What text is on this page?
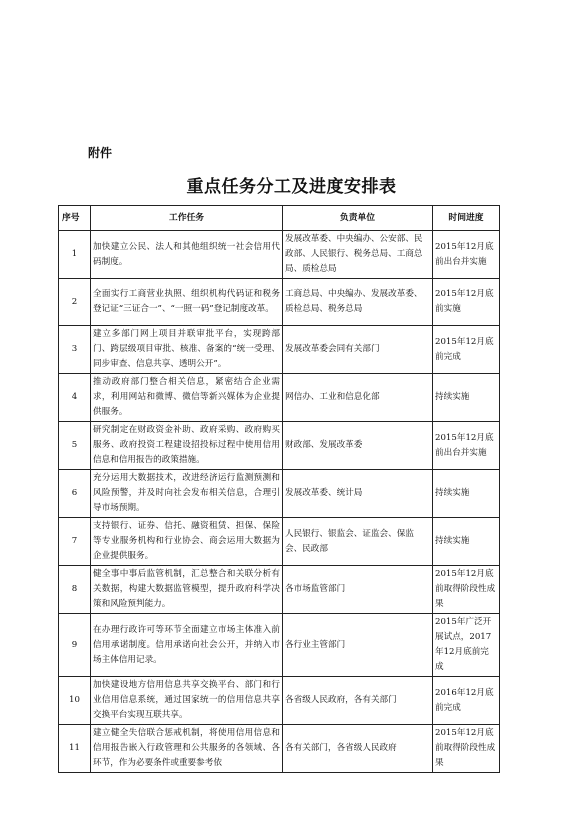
附件
重点任务分工及进度安排表
序号	工作任务	负责单位	时间进度
1	加快建立公民、法人和其他组织统一社会信用代码制度。	发展改革委、中央编办、公安部、民政部、人民银行、税务总局、工商总局、质检总局	2015年12月底前出台并实施
2	全面实行工商营业执照、组织机构代码证和税务登记证“三证合一”、“一照一码”登记制度改革。	工商总局、中央编办、发展改革委、质检总局、税务总局	2015年12月底前实施
3	建立多部门网上项目并联审批平台，实现跨部门、跨层级项目审批、核准、备案的“统一受理、同步审查、信息共享、透明公开”。	发展改革委会同有关部门	2015年12月底前完成
4	推动政府部门整合相关信息，紧密结合企业需求，利用网站和微博、微信等新兴媒体为企业提供服务。	网信办、工业和信息化部	持续实施
5	研究制定在财政资金补助、政府采购、政府购买服务、政府投资工程建设招投标过程中使用信用信息和信用报告的政策措施。	财政部、发展改革委	2015年12月底前出台并实施
6	充分运用大数据技术，改进经济运行监测预测和风险预警，并及时向社会发布相关信息，合理引导市场预期。	发展改革委、统计局	持续实施
7	支持银行、证券、信托、融资租赁、担保、保险等专业服务机构和行业协会、商会运用大数据为企业提供服务。	人民银行、银监会、证监会、保监会、民政部	持续实施
8	健全事中事后监管机制，汇总整合和关联分析有关数据，构建大数据监管模型，提升政府科学决策和风险预判能力。	各市场监管部门	2015年12月底前取得阶段性成果
9	在办理行政许可等环节全面建立市场主体准入前信用承诺制度。信用承诺向社会公开，并纳入市场主体信用记录。	各行业主管部门	2015年广泛开展试点，2017年12月底前完成
10	加快建设地方信用信息共享交换平台、部门和行业信用信息系统，通过国家统一的信用信息共享交换平台实现互联共享。	各省级人民政府，各有关部门	2016年12月底前完成
11	建立健全失信联合惩戒机制，将使用信用信息和信用报告嵌入行政管理和公共服务的各领域、各环节，作为必要条件或重要参考依	各有关部门，各省级人民政府	2015年12月底前取得阶段性成果
